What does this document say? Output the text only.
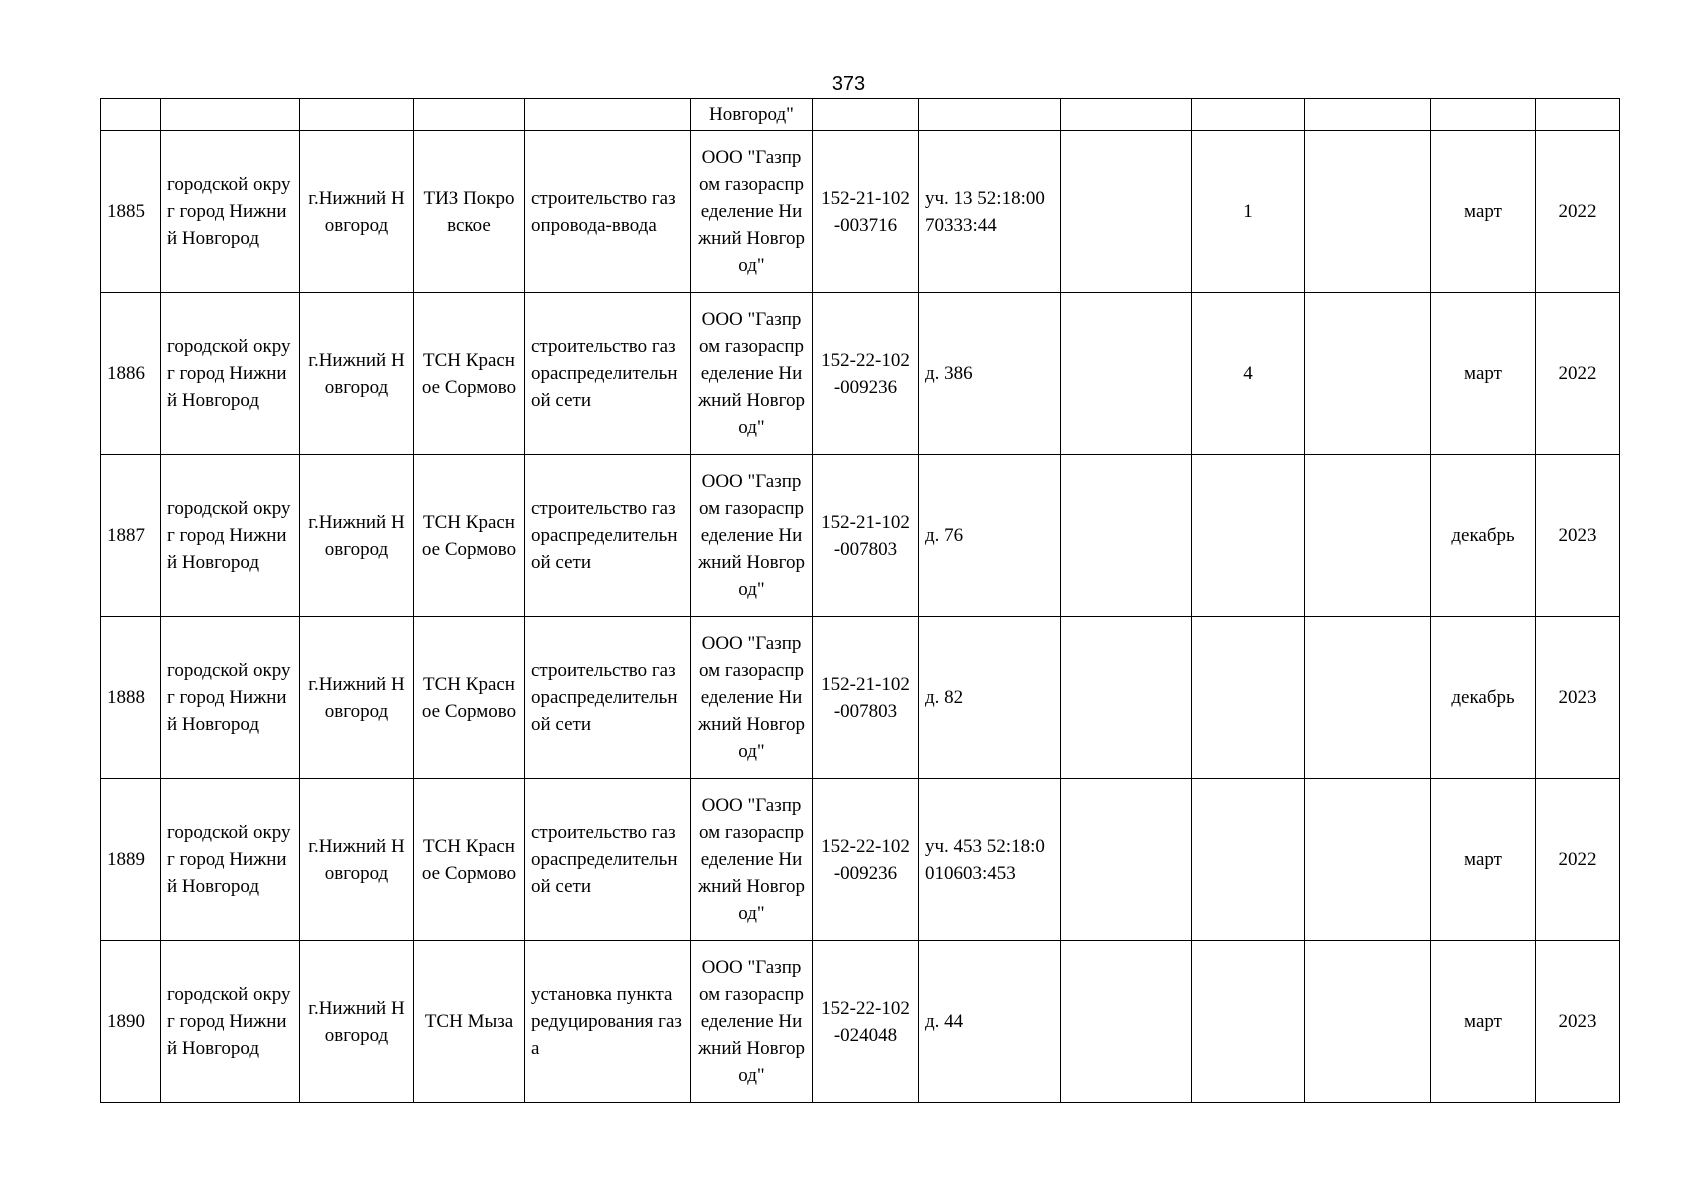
373
					Новгород"							
1885	городской округ город Нижний Новгород	г.Нижний Новгород	ТИЗ Покровское	строительство газопровода-ввода	ООО "Газпром газораспределение Нижний Новгород"	152-21-102-003716	уч. 13 52:18:0070333:44		1		март	2022
1886	городской округ город Нижний Новгород	г.Нижний Новгород	ТСН Красное Сормово	строительство газораспределительной сети	ООО "Газпром газораспределение Нижний Новгород"	152-22-102-009236	д. 386		4		март	2022
1887	городской округ город Нижний Новгород	г.Нижний Новгород	ТСН Красное Сормово	строительство газораспределительной сети	ООО "Газпром газораспределение Нижний Новгород"	152-21-102-007803	д. 76				декабрь	2023
1888	городской округ город Нижний Новгород	г.Нижний Новгород	ТСН Красное Сормово	строительство газораспределительной сети	ООО "Газпром газораспределение Нижний Новгород"	152-21-102-007803	д. 82				декабрь	2023
1889	городской округ город Нижний Новгород	г.Нижний Новгород	ТСН Красное Сормово	строительство газораспределительной сети	ООО "Газпром газораспределение Нижний Новгород"	152-22-102-009236	уч. 453 52:18:0010603:453				март	2022
1890	городской округ город Нижний Новгород	г.Нижний Новгород	ТСН Мыза	установка пункта редуцирования газа	ООО "Газпром газораспределение Нижний Новгород"	152-22-102-024048	д. 44				март	2023
